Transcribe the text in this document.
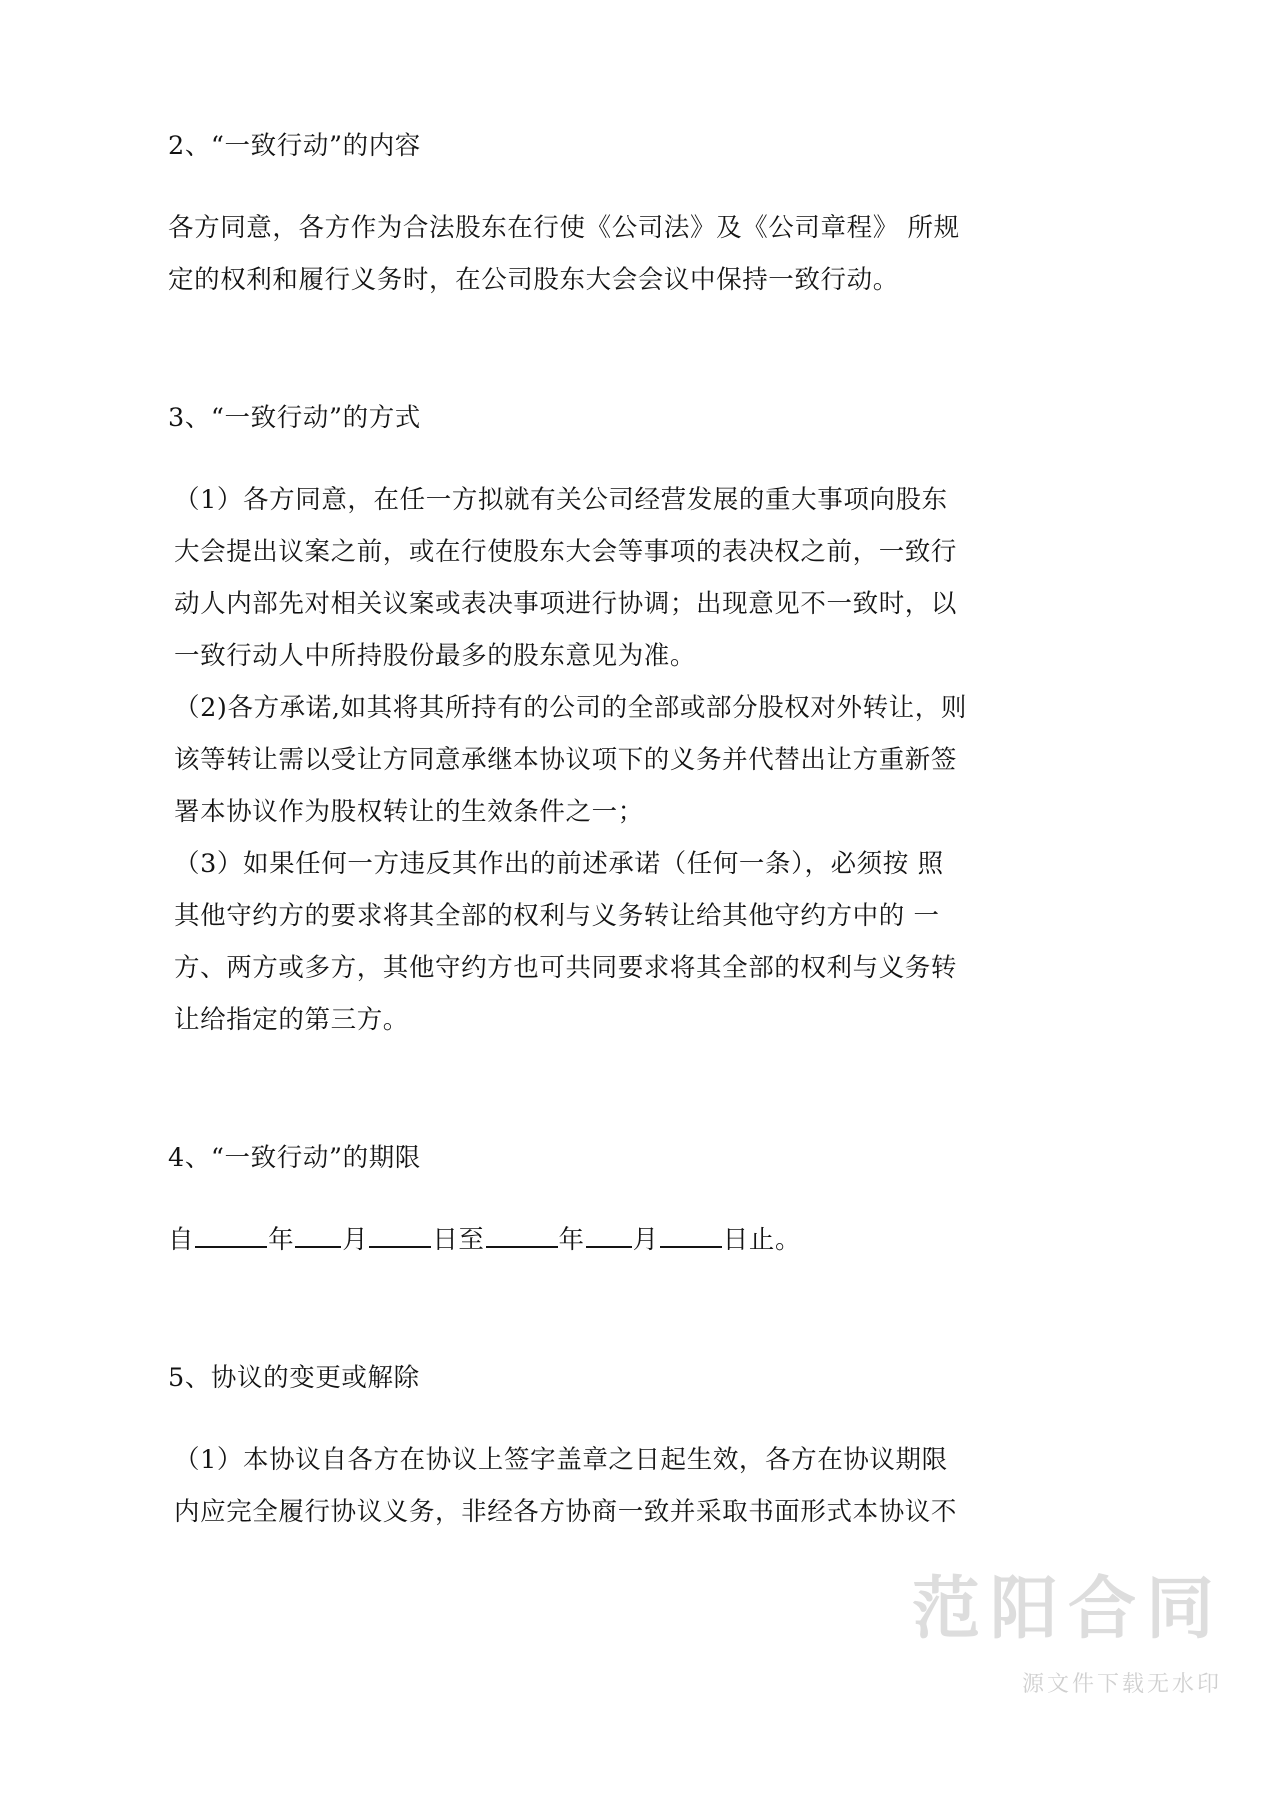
2、“一致行动”的内容

各方同意，各方作为合法股东在行使《公司法》及《公司章程》 所规定的权利和履行义务时，在公司股东大会会议中保持一致行动。

3、“一致行动”的方式

（1）各方同意，在任一方拟就有关公司经营发展的重大事项向股东大会提出议案之前，或在行使股东大会等事项的表决权之前，一致行动人内部先对相关议案或表决事项进行协调；出现意见不一致时，以一致行动人中所持股份最多的股东意见为准。

（2)各方承诺,如其将其所持有的公司的全部或部分股权对外转让，则该等转让需以受让方同意承继本协议项下的义务并代替出让方重新签署本协议作为股权转让的生效条件之一；

（3）如果任何一方违反其作出的前述承诺（任何一条），必须按 照其他守约方的要求将其全部的权利与义务转让给其他守约方中的 一方、两方或多方，其他守约方也可共同要求将其全部的权利与义务转让给指定的第三方。

4、“一致行动”的期限
自	年 月	日至	年 月	日止。
5、协议的变更或解除

（1）本协议自各方在协议上签字盖章之日起生效，各方在协议期限内应完全履行协议义务，非经各方协商一致并采取书面形式本协议不

范阳合同
源文件下载无水印
